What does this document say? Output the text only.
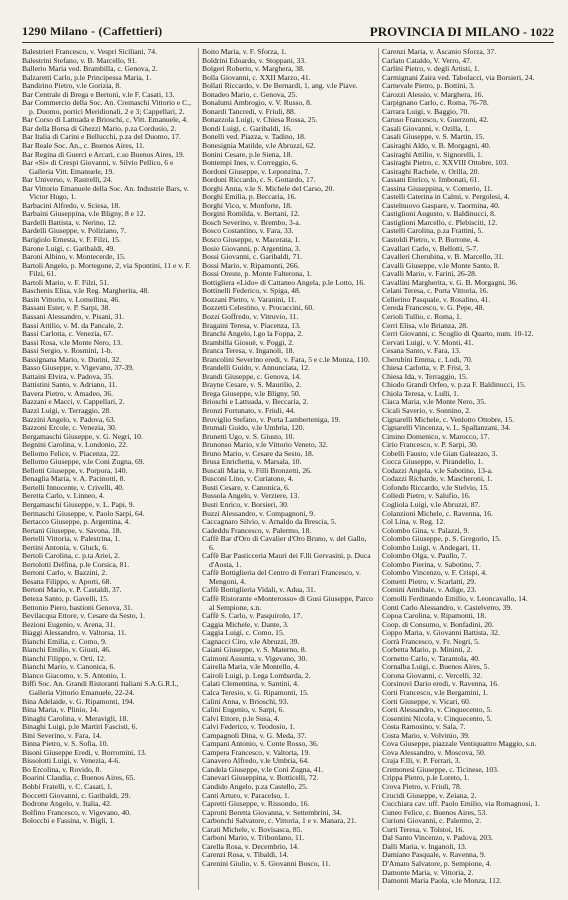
1290 Milano - (Caffettieri)	PROVINCIA DI MILANO - 1022

Balestrieri Francesco, v. Vespri Siciliani, 74.

Balestrini Stefano, v. B. Marcello, 91.

Ballerio Maria ved. Brambilla, c. Genova, 2.

Balzaretti Carlo, p.le Principessa Maria, 1.

Bandirino Pietro, v.le Gorizia, 8.

Bar Centrale di Brega e Bertoni, v.le F. Casati, 13.

Bar Commercio della Soc. An. Cremaschi Vittorio e C., p. Duomo, portici Meridionali, 2 e 3; Cappellari, 2.

Bar Corso di Lattuada e Brioschi, c. Vitt. Emanuele, 4.

Bar della Borsa di Ghezzi Mario, p.za Cordusio, 2.

Bar Italia di Carini e Bellucchi, p.za del Duomo, 17.

Bar Reale Soc. An., c. Buenos Aires, 11.

Bar Regina di Guerci e Arcari, c.so Buenos Aires, 19.

Bar «Si» di Crespi Giovanni, v. Silvio Pellico, 6 e Galleria Vitt. Emanuele, 19.

Bar Universo, v. Rastrelli, 24.

Bar Vittorio Emanuele della Soc. An. Industrie Bars, v. Victor Hugo, 1.

Barbacini Alfredo, v. Sciesa, 18.

Barbaini Giuseppina, v.le Bligny, 8 e 12.

Bardelli Battista, v. Nerino, 12.

Bardelli Giuseppe, v. Poliziano, 7.

Barigiolo Ernesta, v. F. Filzi, 15.

Barone Luigi, c. Garibaldi, 49.

Baroni Albino, v. Montecerde, 15.

Bartoli Angelo, p. Mortegone, 2, via Spontini, 11 e v. F. Filzi, 61.

Bartoli Mario, v. F. Filzi, 51.

Baschenis Elisa, v.le Reg. Margherita, 48.

Basin Vittorio, v. Lomellina, 46.

Bassani Ester, v. P. Sarpi, 38.

Bassani Alessandro, v. Pisani, 31.

Bassi Attilio, v. M. da Pancale, 2.

Bassi Carlotta, c. Venezia, 67.

Bassi Rosa, v.le Monte Nero, 13.

Bassi Sergio, v. Rosmini, 1-b.

Bassignana Mario, v. Durini, 32.

Basso Giuseppe, v. Vigevano, 37-39.

Battaini Elvira, v. Padova, 35.

Battistini Santo, v. Adriano, 11.

Bavera Pietro, v. Amadeo, 36.

Bazzani e Macci, v. Cappellari, 2.

Bazzi Luigi, v. Terraggio, 28.

Bazzini Angelo, v. Padova, 63.

Bazzoni Ercole, c. Venezia, 30.

Bergamaschi Giuseppe, v. G. Negri, 10.

Begnini Carolina, v. Londonio, 22.

Bellomo Felice, v. Piacenza, 22.

Bellomo Giuseppe, v.le Coni Zugna, 69.

Bellotti Giuseppe, v. Porpora, 140.

Benaglia Maria, v. A. Pacinotti, 8.

Bertelli Innocente, v. Crivelli, 40.

Beretta Carlo, v. Linneo, 4.

Bergamaschi Giuseppe, v. L. Papi, 9.

Bermaschi Giuseppe, v. Paolo Sarpi, 64.

Bertacco Giuseppe, p. Argentina, 4.

Bertani Giuseppe, v. Savona, 18.

Bertelli Vittoria, v. Palestrina, 1.

Bertini Antonia, v. Gluck, 6.

Bertoli Carolina, c. p.ta Ariei, 2.

Bertolotti Delfina, p.le Corsica, 81.

Bertoni Carlo, v. Bazzini, 2.

Besana Filippo, v. Aporti, 68.

Bertoni Mario, v. P. Castaldi, 37.

Beteza Santo, p. Gavelli, 15.

Bettonio Piero, bastioni Genova, 31.

Bevilacqua Ettore, v. Cesare da Sesto, 1.

Bezioni Eugenio, v. Arena, 31.

Biaggi Alessandro, v. Valtorsa, 11.

Bianchi Emilia, c. Como, 9.

Bianchi Emilio, v. Giusti, 46.

Bianchi Filippo, v. Orti, 12.

Bianchi Mario, v. Canonica, 6.

Bianco Giacomo, v. S. Antonio, 1.

Biffi Soc. An. Grandi Ristoranti Italiani S.A.G.R.I., Galleria Vittorio Emanuele, 22-24.

Bina Adelaide, v. G. Ripamonti, 194.

Bina Maria, v. Plinio, 14.

Binaghi Carolina, v. Meravigli, 18.

Binaghi Luigi, p.le Martiri Fascisti, 6.

Bini Severino, v. Fara, 14.

Binna Pietro, v. S. Sofia, 10.

Bisoni Giuseppe Eredi, v. Borromini, 13.

Bissolotti Luigi, v. Venezia, 4-6.

Bo Ercolina, v. Rovido, 8.

Boarini Claudia, c. Buenos Aires, 65.

Bobbi Fratelli, v. C. Casati, 1.

Boccetti Giovanni, c. Garibaldi, 29.

Bodrone Angelo, v. Italia, 42.

Bolfino Francesco, v. Vigevano, 40.

Bolocchi e Fassina, v. Bigli, 1.

Boito Maria, v. F. Sforza, 1.

Boldrini Edoardo, v. Stoppani, 33.

Bolgeri Roberto, v. Marghera, 38.

Bolla Giovanni, c. XXII Marzo, 41.

Bollati Riccardo, v. De Bernardi, 1, ang. v.le Piave.

Bonadeo Mario, c. Genova, 25.

Bonalumi Ambrogio, v. V. Russo, 8.

Bonardi Tancredi, v. Friuli, 88.

Bonazzola Luigi, v. Chiesa Rossa, 25.

Bondi Luigi, c. Garibaldi, 16.

Bonelli ved. Piazza, v. Tadino, 18.

Bonesignia Matilde, v.le Abruzzi, 62.

Bonini Cesare, p.le Siena, 18.

Bontempi Ines, v. Correggio, 6.

Bordoni Giuseppe, v. Leponzina, 7.

Bordoni Riccardo, c. S. Gottardo, 17.

Borghi Anna, v.le S. Michele del Carso, 20.

Borghi Emilia, p. Beccaria, 16.

Borghi Vico, v. Monforte, 18.

Borgini Romilda, v. Bertani, 12.

Bosch Severino, v. Brembo, 3-a.

Bosco Costantino, v. Fara, 33.

Bosco Giuseppe, v. Macerata, 1.

Bosio Giovanni, p. Argentina, 3.

Bossi Giovanni, c. Garibaldi, 71.

Bossi Mario, v. Ripamonti, 266.

Bossi Oreste, p. Monte Falterona, 1.

Bottigliera «Lido» di Cattaneo Angela, p.le Lotto, 16.

Bottinelli Federico, v. Spiga, 48.

Bozzani Pietro, v. Varanini, 11.

Bozzetti Celestino, v. Procaccini, 60.

Bozzi Goffredo, v. Vitruvio, 11.

Bragaini Teresa, v. Piacenza, 13.

Branchi Angelo, l.go la Foppa, 2.

Brambilla Giosuè, v. Poggi, 2.

Branca Teresa, v. Inganoli, 18.

Brancolini Severino eredi, v. Fara, 5 e c.le Monza, 110.

Brandelli Guido, v. Annunciata, 12.

Brandi Giuseppe, c. Genova, 14.

Brayne Cesare, v. S. Maurilio, 2.

Brega Giuseppe, v.le Bligny, 50.

Brioschi e Lattuada, v. Beccaria, 2.

Bronzi Fortunato, v. Friuli, 44.

Broviglio Stefano, v. Porta Lamberteniga, 19.

Brumali Guido, v.le Umbria, 120.

Brunetti Ugo, v. S. Giusto, 10.

Brunonso Mario, v.le Vittorio Veneto, 32.

Bruno Mario, v. Cesare da Sesto, 18.

Brusa Enrichetta, v. Marsala, 10.

Buscali Maria, v. Filli Bronzetti, 26.

Busconi Lino, v. Curiatone, 4.

Busti Cesare, v. Canonica, 6.

Bussola Angelo, v. Verziere, 13.

Busti Enrico, v. Borsieri, 30.

Buzzi Alessandro, v. Compagnoni, 9.

Caccagnaro Silvio, v. Arnaldo da Brescia, 5.

Cadeddu Francesco, v. Palermo, 18.

Caffè Bar d'Oro di Cavalier d'Oro Bruno, v. del Gallo, 6.

Caffè Bar Pasticceria Mauri dei F.lli Gervasini, p. Duca d'Aosta, 1.

Caffè Bottiglieria del Centro di Ferrari Francesco, v. Mengoni, 4.

Caffè Bottiglieria Vidali, v. Adua, 31.

Caffè Ristorante «Monterosso» di Gusi Giuseppe, Parco al Sempione, s.n.

Caffè S. Carlo, v. Pasquirolo, 17.

Caggia Michele, v. Dante, 3.

Caggia Luigi, c. Como, 15.

Cagnacci Ciro, v.le Abruzzi, 39.

Caiani Giuseppe, v. S. Materno, 8.

Caimoni Assunta, v. Vigevano, 30.

Cairella Maria, v.le Montello, 4.

Cairoli Luigi, p. Lega Lombarda, 2.

Calati Clementina, v. Santini, 4.

Calca Teresio, v. G. Ripamonti, 15.

Calini Anna, v. Brioschi, 93.

Calini Eugenio, v. Sarpi, 6.

Calvi Ettore, p.le Susa, 4.

Calvi Federico, v. Teodosio, 1.

Campagnoli Dina, v. G. Meda, 37.

Campani Antonio, v. Conte Rosso, 36.

Campera Francesco, v. Valtorta, 19.

Canavero Alfredo, v.le Umbria, 64.

Candela Giuseppe, v.le Coni Zugna, 41.

Canevari Giuseppina, v. Botticelli, 72.

Candido Angelo, p.za Castello, 25.

Canti Arturo, v. Paracelso, 1.

Capretti Giuseppe, v. Rissondo, 16.

Caprotti Beretta Giovanna, v. Settembrini, 34.

Carbonchi Salvatore, c. Vittoria, 1 e v. Manara, 21.

Carati Michele, v. Bovisasca, 85.

Carboni Mario, v. Tribonlano, 11.

Carella Rosa, v. Decembrio, 14.

Carenzi Rosa, v. Tibaldi, 14.

Carenini Giulio, v. S. Giovanni Bosco, 11.

Carenzi Maria, v. Ascanio Sforza, 37.

Carlato Cataldo, V. Verro, 47.

Carlini Pietro, v. degli Artisti, 1.

Carmignani Zaira ved. Tabolacci, via Borsieri, 24.

Carnevale Pietro, p. Bottini, 3.

Carozzi Alessio, v. Marghera, 16.

Carpignano Carlo, c. Roma, 76-78.

Carrara Luigi, v. Baggio, 70.

Caruso Francesco, v. Guerzoni, 42.

Casali Giovanni, v. Ozilla, 1.

Casali Giuseppe, v. S. Martin, 15.

Casiraghi Aldo, v. B. Morgagni, 40.

Casiraghi Attilio, v. Signorelli, 1.

Casiraghi Pietro, c. XXVIII Ottobre, 103.

Casiraghi Rachele, v. Orilla, 20.

Cassani Enrico, v. Imbonati, 61.

Cassina Giuseppina, v. Comerio, 11.

Castelli Caterina in Calmi, v. Pergolesi, 4.

Castelnuovo Gaspare, v. Taormina, 40.

Castiglioni Augusto, v. Baldinucci, 8.

Castiglioni Marcello, c. Plebisciti, 12.

Castelli Carolina, p.za Frattini, 5.

Castoldi Pietro, v. P. Borrone, 4.

Cavallari Carlo, v. Bellotti, 5-7.

Cavalleri Cherubina, v. B. Marcello, 31.

Cavalli Giuseppe, v.le Monte Santo, 8.

Cavalli Mario, v. Farini, 26-28.

Cavallini Margherita, v. G. B. Morgagni, 36.

Celani Teresa, c. Porta Vittoria, 16.

Cellerino Pasquale, v. Rosalino, 41.

Cereda Francesco, v. G. Pepe, 48.

Cerioli Tullio, c. Roma, 1.

Cerri Elisa, v.le Brianza, 28.

Cerri Giovanni, c. Scoglio di Quarto, num. 10-12.

Cervati Luigi, v. V. Monti, 41.

Cesana Santo, v. Fara, 13.

Cherubini Emma, c. Lodi, 70.

Chiesa Carlotta, v. P. Frisi, 3.

Chiesa Ida, v. Terraggio, 15.

Chiodo Grandi Orfeo, v. p.za F. Baldinucci, 15.

Chiola Teresa, v. Lulli, 1.

Ciaca Maria, v.le Monte Nero, 35.

Cicali Saverio, v. Sonnino, 2.

Cignarelli Michele, c. Venlotto Ottobre, 15.

Cignarelli Vincenza, v. L. Spallanzani, 34.

Cimino Domenico, v. Marocco, 17.

Cirio Francesco, v. P. Sarpi, 30.

Cobelli Fausto, v.le Gian Galeazzo, 3.

Cocca Giuseppe, v. Pirandello, 1.

Codazzi Angela, v.le Sabotino, 13-a.

Codazzi Richarde, v. Mascheroni, 1.

Cofondo Riccardo, v.le Stelvio, 15.

Colledi Pietro, v. Salufio, 16.

Cogliola Luigi, v.le Abruzzi, 87.

Colanzioni Michele, c. Ravenna, 16.

Col Lina, v. Reg. 12.

Colombo Gina, v. Palazzi, 9.

Colombo Giuseppe, p. S. Gregorio, 15.

Colombo Luigi, v. Andegari, 11.

Colombo Olga, v. Paullo, 7.

Colombo Pierina, v. Sabotino, 7.

Colombo Vincenzo, v. F. Crispi, 4.

Cometti Pietro, v. Scarlatti, 29.

Comini Annibale, v. Adige, 23.

Comolli Ferdinando Emilio, v. Leoncavallo, 14.

Conti Carlo Alessandro, v. Castelvetro, 39.

Copoa Carolina, v. Ripamonti, 18.

Coop. di Consumo, v. Bonfadini, 20.

Coppo Maria, v. Giovanni Battista, 32.

Corrà Francesco, v. Fr. Negri, 5.

Corbetta Mario, p. Mininti, 2.

Cornetto Carlo, v. Tarantola, 40.

Cornalba Luigi, c. Buenos Aires, 5.

Corona Giovanni, c. Vercelli, 32.

Corsinovi Dario eredi, v. Ravenna, 16.

Corti Francesco, v.le Bergamini, 1.

Corti Giuseppe, v. Vicari, 60.

Corti Alessandro, v. Cinquecento, 5.

Cosentini Nicola, v. Cinquecento, 5.

Costa Ramosino, v. Sala, 7.

Costa Mario, v. Volvinio, 39.

Cova Giuseppe, piazzale Ventiquattro Maggio, s.n.

Cova Alessandro, v. Moscova, 50.

Craja F.lli, v. P. Ferrari, 3.

Cremonesi Giuseppe, c. Ticinese, 103.

Crippa Pietro, p.le Loreto, 1.

Crova Pietro, v. Friuli, 78.

Crucidi Giuseppe, v. Zeiana, 2.

Cucchiara cav. uff. Paolo Emilio, via Romagnosi, 1.

Cuneo Felice, c. Buenos Aires, 53.

Curioni Giovanni, c. Palermo, 2.

Curti Teresa, v. Tolstoi, 16.

Dal Santo Vincenzo, v. Padova, 203.

Dalli Maria, v. Inganoli, 13.

Damiano Pasquale, v. Ravenna, 9.

D'Amato Salvatore, p. Sempione, 4.

Damonte Maria, v. Vittoria, 2.

Damonti Maria Paola, v.le Monza, 112.
